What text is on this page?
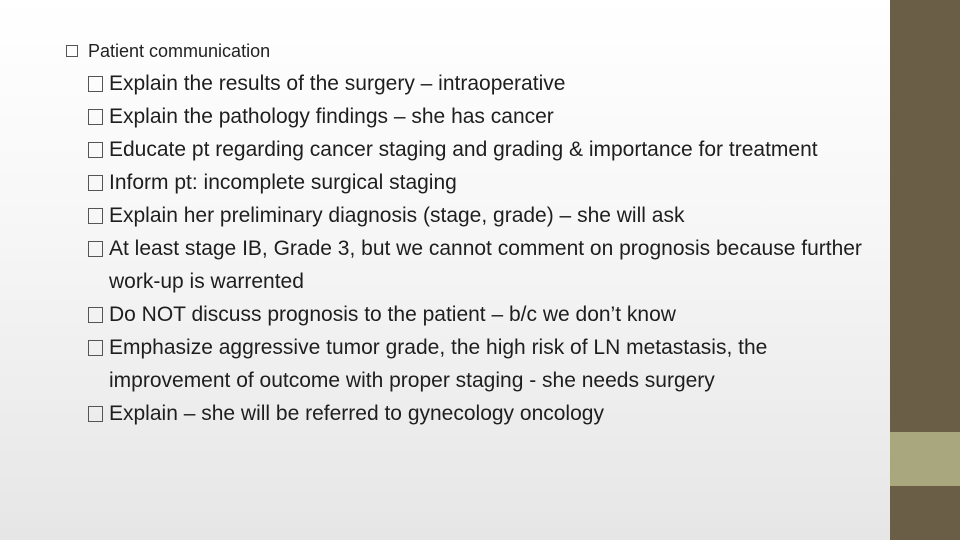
Patient communication
Explain the results of the surgery – intraoperative
Explain the pathology findings – she has cancer
Educate pt regarding cancer staging and grading & importance for treatment
Inform pt: incomplete surgical staging
Explain her preliminary diagnosis (stage, grade) – she will ask
At least stage IB, Grade 3, but we cannot comment on prognosis because further work-up is warrented
Do NOT discuss prognosis to the patient – b/c we don’t know
Emphasize aggressive tumor grade, the high risk of LN metastasis, the improvement of outcome with proper staging - she needs surgery
Explain – she will be referred to gynecology oncology
